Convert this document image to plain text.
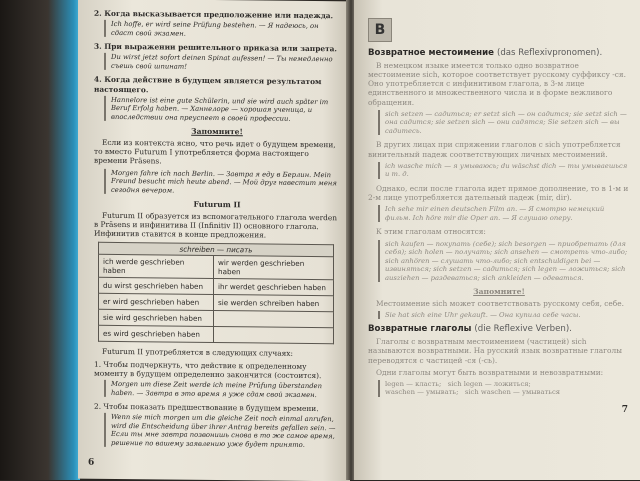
2. Когда высказывается предположение или надежда.
Ich hoffe, er wird seine Prüfung bestehen. — Я надеюсь, он сдаст свой экзамен.
3. При выражении решительного приказа или запрета.
Du wirst jetzt sofort deinen Spinat aufessen! — Ты немедленно съешь свой шпинат!
4. Когда действие в будущем является результатом настоящего.
Hannelore ist eine gute Schülerin, und sie wird auch später im Beruf Erfolg haben. — Ханнелоре — хорошая ученица, и впоследствии она преуспеет в своей профессии.
Запомните!
Если из контекста ясно, что речь идет о будущем времени, то вместо Futurum I употребляется форма настоящего времени Präsens.
Morgen fahre ich nach Berlin. — Завтра я еду в Берлин. Mein Freund besucht mich heute abend. — Мой друг навестит меня сегодня вечером.
Futurum II
Futurum II образуется из вспомогательного глагола werden в Präsens и инфинитива II (Infinitiv II) основного глагола. Инфинитив ставится в конце предложения.
schreiben — писать	
ich werde geschrieben haben	wir werden geschrieben haben
du wirst geschrieben haben	ihr werdet geschrieben haben
er wird geschrieben haben	sie werden schreiben haben
sie wird geschrieben haben	
es wird geschrieben haben	
Futurum II употребляется в следующих случаях:
1. Чтобы подчеркнуть, что действие к определенному моменту в будущем определенно закончится (состоится).
Morgen um diese Zeit werde ich meine Prüfung überstanden haben. — Завтра в это время я уже сдам свой экзамен.
2. Чтобы показать предшествование в будущем времени.
Wenn sie mich morgen um die gleiche Zeit noch einmal anrufen, wird die Entscheidung über ihrer Antrag bereits gefallen sein. — Если ты мне завтра позвонишь снова в то же самое время, решение по вашему заявлению уже будет принято.
6
В
Возвратное местоимение (das Reflexivpronomen).
В немецком языке имеется только одно возвратное местоимение sich, которое соответствует русскому суффиксу -ся. Оно употребляется с инфинитивом глагола, в 3-м лице единственного и множественного числа и в форме вежливого обращения.
sich setzen — садиться; er setzt sich — он садится; sie setzt sich — она садится; sie setzen sich — они садятся; Sie setzen sich — вы садитесь.
В других лицах при спряжении глаголов с sich употребляется винительный падеж соответствующих личных местоимений.
ich wasche mich — я умываюсь; du wäschst dich — ты умываешься и т. д.
Однако, если после глагола идет прямое дополнение, то в 1-м и 2-м лице употребляется дательный падеж (mir, dir).
Ich sehe mir einen deutschen Film an. — Я смотрю немецкий фильм. Ich höre mir die Oper an. — Я слушаю оперу.
К этим глаголам относятся:
sich kaufen — покупать (себе); sich besorgen — приобретать (для себя); sich holen — получать; sich ansehen — смотреть что-либо; sich anhören — слушать что-либо; sich entschuldigen bei — извиняться; sich setzen — садиться; sich legen — ложиться; sich ausziehen — раздеваться; sich ankleiden — одеваться.
Запомните!
Местоимение sich может соответствовать русскому себя, себе.
Sie hat sich eine Uhr gekauft. — Она купила себе часы.
Возвратные глаголы (die Reflexive Verben).
Глаголы с возвратным местоимением (частицей) sich называются возвратными. На русский язык возвратные глаголы переводятся с частицей -ся (-сь).
Одни глаголы могут быть возвратными и невозвратными:
legen — класть; sich legen — ложиться;
waschen — умывать; sich waschen — умываться
7
